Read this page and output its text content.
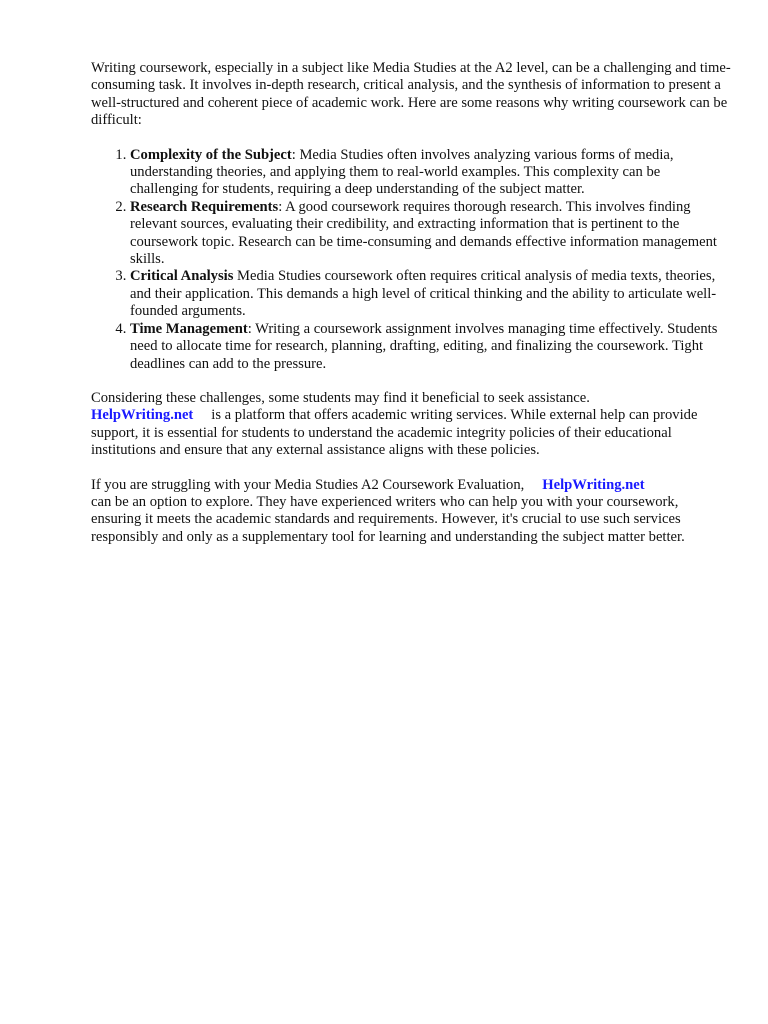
Writing coursework, especially in a subject like Media Studies at the A2 level, can be a challenging and time-consuming task. It involves in-depth research, critical analysis, and the synthesis of information to present a well-structured and coherent piece of academic work. Here are some reasons why writing coursework can be difficult:

1. Complexity of the Subject: Media Studies often involves analyzing various forms of media, understanding theories, and applying them to real-world examples. This complexity can be challenging for students, requiring a deep understanding of the subject matter.
2. Research Requirements: A good coursework requires thorough research. This involves finding relevant sources, evaluating their credibility, and extracting information that is pertinent to the coursework topic. Research can be time-consuming and demands effective information management skills.
3. Critical Analysis Media Studies coursework often requires critical analysis of media texts, theories, and their application. This demands a high level of critical thinking and the ability to articulate well-founded arguments.
4. Time Management: Writing a coursework assignment involves managing time effectively. Students need to allocate time for research, planning, drafting, editing, and finalizing the coursework. Tight deadlines can add to the pressure.

Considering these challenges, some students may find it beneficial to seek assistance.
HelpWriting.net is a platform that offers academic writing services. While external help can provide support, it is essential for students to understand the academic integrity policies of their educational institutions and ensure that any external assistance aligns with these policies.

If you are struggling with your Media Studies A2 Coursework Evaluation, HelpWriting.net
can be an option to explore. They have experienced writers who can help you with your coursework, ensuring it meets the academic standards and requirements. However, it's crucial to use such services responsibly and only as a supplementary tool for learning and understanding the subject matter better.
